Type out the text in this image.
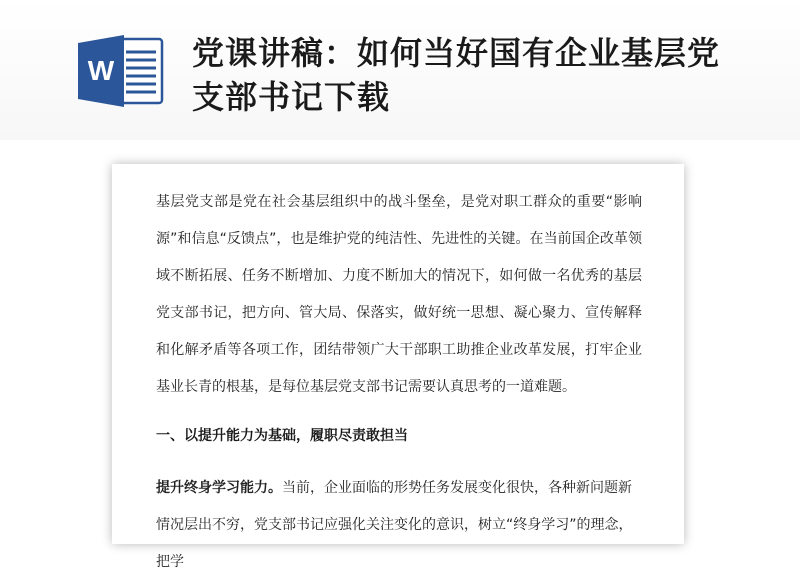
W 党课讲稿：如何当好国有企业基层党支部书记下载

基层党支部是党在社会基层组织中的战斗堡垒，是党对职工群众的重要“影响源”和信息“反馈点”，也是维护党的纯洁性、先进性的关键。在当前国企改革领域不断拓展、任务不断增加、力度不断加大的情况下，如何做一名优秀的基层党支部书记，把方向、管大局、保落实，做好统一思想、凝心聚力、宣传解释和化解矛盾等各项工作，团结带领广大干部职工助推企业改革发展，打牢企业基业长青的根基，是每位基层党支部书记需要认真思考的一道难题。

一、以提升能力为基础，履职尽责敢担当

提升终身学习能力。当前，企业面临的形势任务发展变化很快，各种新问题新情况层出不穷，党支部书记应强化关注变化的意识，树立“终身学习”的理念，把学
